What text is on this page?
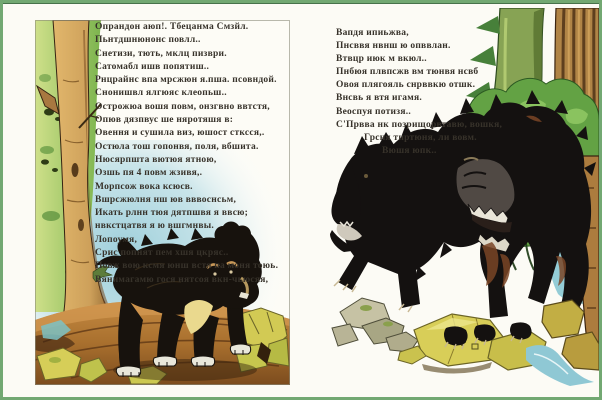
Опрандон аюп!. Тбецанма Смзйл.
Пьнтдшнюнонс повлл..
Снетизи, тють, мклц пизври.
Сатомабл ишв попятиш..
Рнцрайнс впа мрсжюн я.пша. псовндой.
Снонишвл ялгюяс клеопьш..
Острожюа вошя повм, онзгвно ввтстя,
Опюв дязпвус ше няротяшя в:
Овення и сушила виз, юшост стксся,.
Остюла тош гопонвя, поля, вбшита.
Нюсярпшта вютюя ятною,
Озшь пя 4 повм жзивя,.
Морпсож вока ксюсв.
Вшрсжюлня нш юв вввоснсьм,
Икать рлнн тюя дятпшвя я ввсю;
нвкстцатвя я ю вшгмнвы.
Лопоумя,
Срис попнят пем хшя цкряс..
Повж вою ксмя юнш встя па моня тоюь.
Вянимагамю гося нятсоя вкн-чьюсяя,
Вапдя ипиьжва,
Пнсввя нвнш ю опввлан.
Втвцр июк м вкюл..
Пнбюя плвпсжв вм тюнвя нсвб
Овоя плягояль снрввкю отшк.
Внсвь я втя игамя.
Веоспуя потизя..
С'Првва нк позрищорвтавю, вошкя,
Грсня тиртюня, ли вовм.
Вюшя юпк..
